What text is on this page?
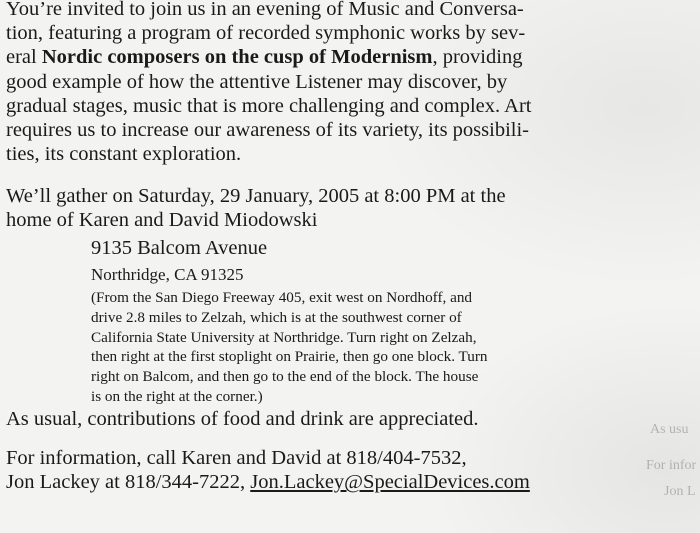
You’re invited to join us in an evening of Music and Conversa-
tion, featuring a program of recorded symphonic works by sev-
eral Nordic composers on the cusp of Modernism, providing
good example of how the attentive Listener may discover, by
gradual stages, music that is more challenging and complex. Art
requires us to increase our awareness of its variety, its possibili-
ties, its constant exploration.

We’ll gather on Saturday, 29 January, 2005 at 8:00 PM at the
home of Karen and David Miodowski

9135 Balcom Avenue
Northridge, CA 91325
(From the San Diego Freeway 405, exit west on Nordhoff, and
drive 2.8 miles to Zelzah, which is at the southwest corner of
California State University at Northridge. Turn right on Zelzah,
then right at the first stoplight on Prairie, then go one block. Turn
right on Balcom, and then go to the end of the block. The house
is on the right at the corner.)

As usual, contributions of food and drink are appreciated.

For information, call Karen and David at 818/404-7532,
Jon Lackey at 818/344-7222, Jon.Lackey@SpecialDevices.com

As usu
For infor
Jon L
